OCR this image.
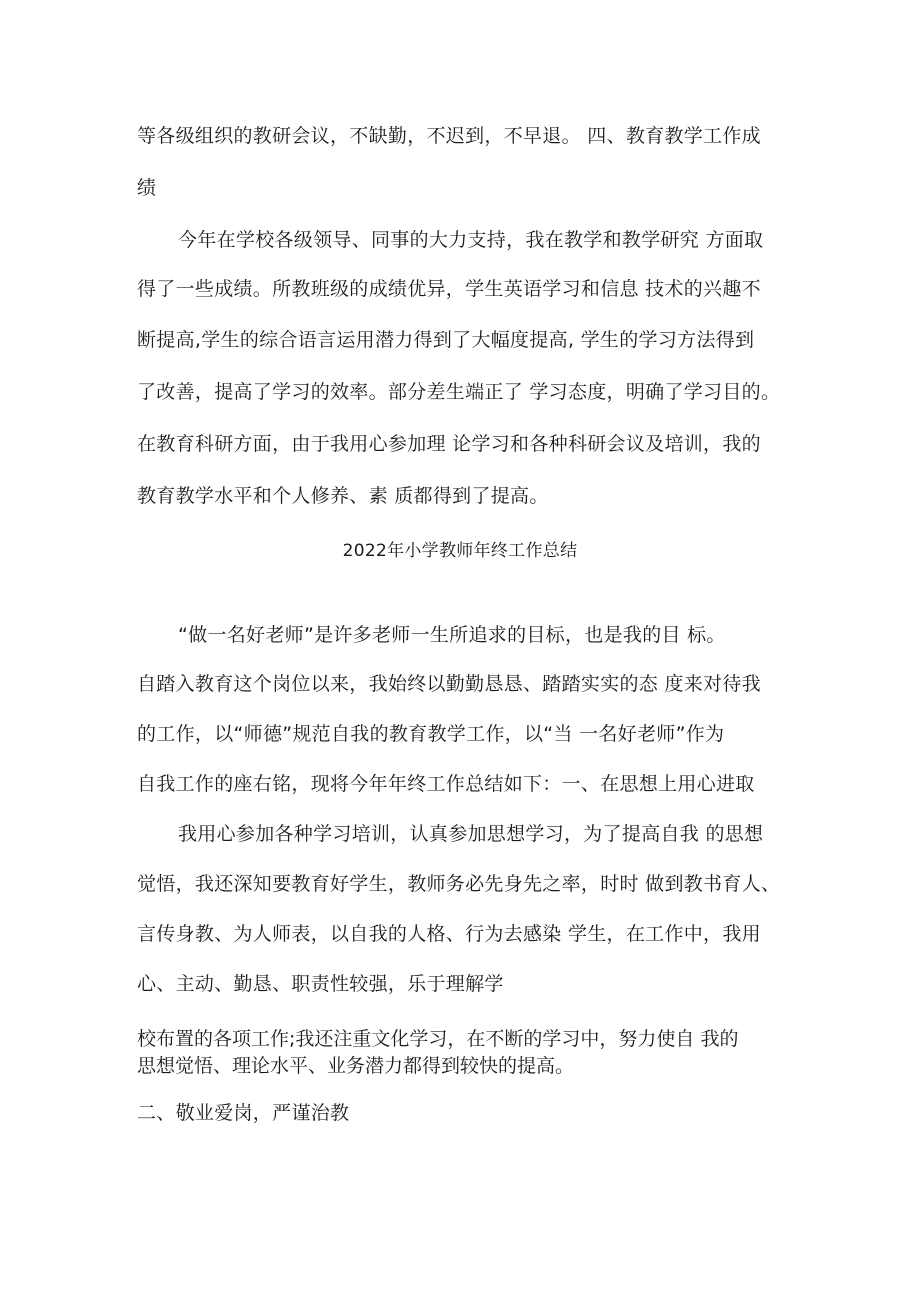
等各级组织的教研会议，不缺勤，不迟到，不早退。 四、教育教学工作成
绩
今年在学校各级领导、同事的大力支持，我在教学和教学研究 方面取
得了一些成绩。所教班级的成绩优异，学生英语学习和信息 技术的兴趣不
断提高,学生的综合语言运用潜力得到了大幅度提高, 学生的学习方法得到
了改善，提高了学习的效率。部分差生端正了 学习态度，明确了学习目的。
在教育科研方面，由于我用心参加理 论学习和各种科研会议及培训，我的
教育教学水平和个人修养、素 质都得到了提高。
2022年小学教师年终工作总结
“做一名好老师”是许多老师一生所追求的目标，也是我的目 标。
自踏入教育这个岗位以来，我始终以勤勤恳恳、踏踏实实的态 度来对待我
的工作，以“师德”规范自我的教育教学工作，以“当 一名好老师”作为
自我工作的座右铭，现将今年年终工作总结如下：一、在思想上用心进取
我用心参加各种学习培训，认真参加思想学习，为了提高自我 的思想
觉悟，我还深知要教育好学生，教师务必先身先之率，时时 做到教书育人、
言传身教、为人师表，以自我的人格、行为去感染 学生，在工作中，我用
心、主动、勤恳、职责性较强，乐于理解学
校布置的各项工作;我还注重文化学习，在不断的学习中，努力使自 我的
思想觉悟、理论水平、业务潜力都得到较快的提高。
二、敬业爱岗，严谨治教
